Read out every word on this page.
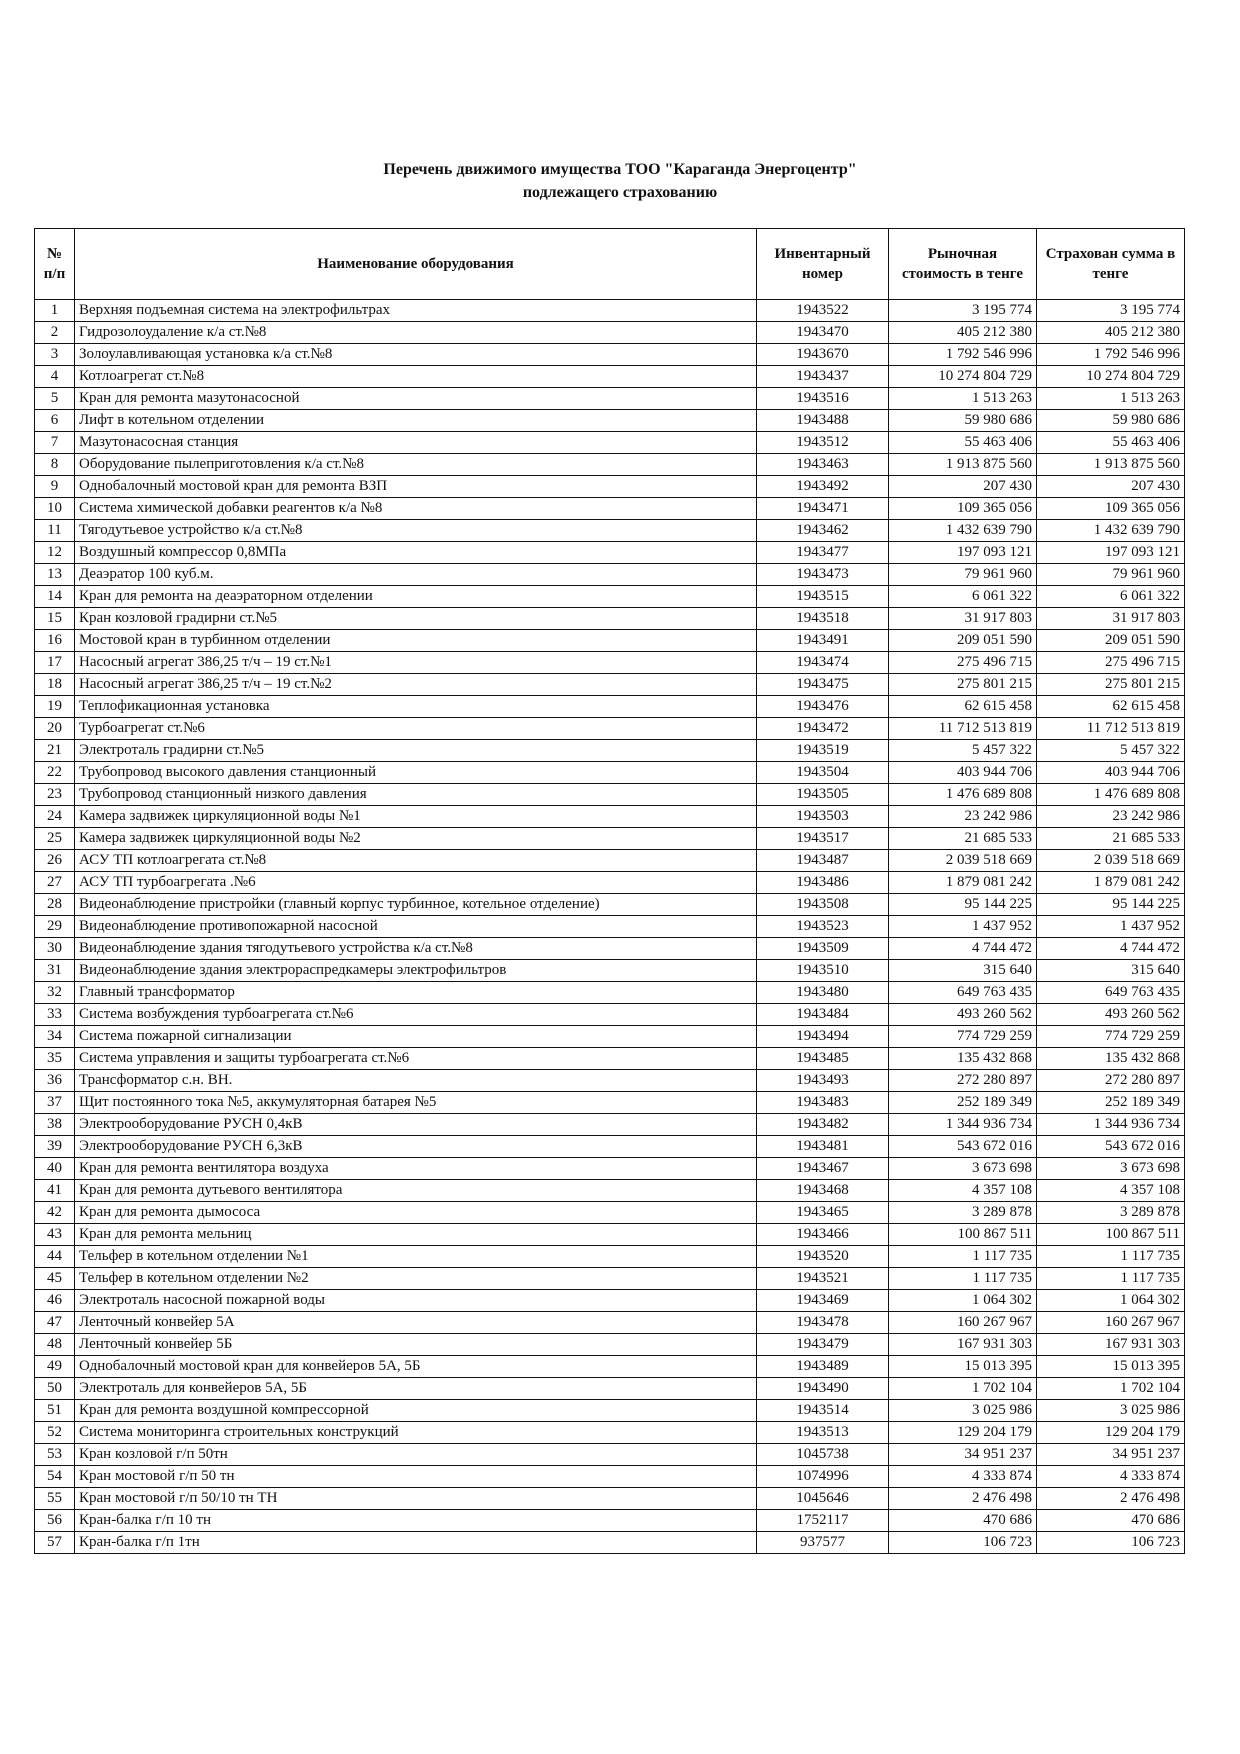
Перечень движимого имущества ТОО "Караганда Энергоцентр"
подлежащего страхованию
№ п/п	Наименование оборудования	Инвентарный номер	Рыночная стоимость в тенге	Страхован сумма в тенге
1	Верхняя подъемная система на электрофильтрах	1943522	3 195 774	3 195 774
2	Гидрозолоудаление к/а ст.№8	1943470	405 212 380	405 212 380
3	Золоулавливающая установка к/а ст.№8	1943670	1 792 546 996	1 792 546 996
4	Котлоагрегат ст.№8	1943437	10 274 804 729	10 274 804 729
5	Кран для ремонта мазутонасосной	1943516	1 513 263	1 513 263
6	Лифт в котельном отделении	1943488	59 980 686	59 980 686
7	Мазутонасосная станция	1943512	55 463 406	55 463 406
8	Оборудование пылеприготовления к/а ст.№8	1943463	1 913 875 560	1 913 875 560
9	Однобалочный мостовой кран для ремонта ВЗП	1943492	207 430	207 430
10	Система химической добавки реагентов к/а №8	1943471	109 365 056	109 365 056
11	Тягодутьевое устройство к/а ст.№8	1943462	1 432 639 790	1 432 639 790
12	Воздушный компрессор 0,8МПа	1943477	197 093 121	197 093 121
13	Деаэратор 100 куб.м.	1943473	79 961 960	79 961 960
14	Кран для ремонта на деаэраторном отделении	1943515	6 061 322	6 061 322
15	Кран козловой градирни ст.№5	1943518	31 917 803	31 917 803
16	Мостовой кран в турбинном отделении	1943491	209 051 590	209 051 590
17	Насосный агрегат 386,25 т/ч – 19 ст.№1	1943474	275 496 715	275 496 715
18	Насосный агрегат 386,25 т/ч – 19 ст.№2	1943475	275 801 215	275 801 215
19	Теплофикационная установка	1943476	62 615 458	62 615 458
20	Турбоагрегат ст.№6	1943472	11 712 513 819	11 712 513 819
21	Электроталь градирни ст.№5	1943519	5 457 322	5 457 322
22	Трубопровод высокого давления станционный	1943504	403 944 706	403 944 706
23	Трубопровод станционный низкого давления	1943505	1 476 689 808	1 476 689 808
24	Камера задвижек циркуляционной воды №1	1943503	23 242 986	23 242 986
25	Камера задвижек циркуляционной воды №2	1943517	21 685 533	21 685 533
26	АСУ ТП котлоагрегата ст.№8	1943487	2 039 518 669	2 039 518 669
27	АСУ ТП турбоагрегата .№6	1943486	1 879 081 242	1 879 081 242
28	Видеонаблюдение пристройки (главный корпус турбинное, котельное отделение)	1943508	95 144 225	95 144 225
29	Видеонаблюдение противопожарной насосной	1943523	1 437 952	1 437 952
30	Видеонаблюдение здания тягодутьевого устройства к/а ст.№8	1943509	4 744 472	4 744 472
31	Видеонаблюдение здания электрораспредкамеры электрофильтров	1943510	315 640	315 640
32	Главный трансформатор	1943480	649 763 435	649 763 435
33	Система возбуждения турбоагрегата ст.№6	1943484	493 260 562	493 260 562
34	Система пожарной сигнализации	1943494	774 729 259	774 729 259
35	Система управления и защиты турбоагрегата ст.№6	1943485	135 432 868	135 432 868
36	Трансформатор с.н. ВН.	1943493	272 280 897	272 280 897
37	Щит постоянного тока №5, аккумуляторная батарея №5	1943483	252 189 349	252 189 349
38	Электрооборудование РУСН 0,4кВ	1943482	1 344 936 734	1 344 936 734
39	Электрооборудование РУСН 6,3кВ	1943481	543 672 016	543 672 016
40	Кран для ремонта вентилятора воздуха	1943467	3 673 698	3 673 698
41	Кран для ремонта дутьевого вентилятора	1943468	4 357 108	4 357 108
42	Кран для ремонта дымососа	1943465	3 289 878	3 289 878
43	Кран для ремонта мельниц	1943466	100 867 511	100 867 511
44	Тельфер в котельном отделении №1	1943520	1 117 735	1 117 735
45	Тельфер в котельном отделении №2	1943521	1 117 735	1 117 735
46	Электроталь насосной пожарной воды	1943469	1 064 302	1 064 302
47	Ленточный конвейер 5А	1943478	160 267 967	160 267 967
48	Ленточный конвейер 5Б	1943479	167 931 303	167 931 303
49	Однобалочный мостовой кран для конвейеров 5А, 5Б	1943489	15 013 395	15 013 395
50	Электроталь для конвейеров 5А, 5Б	1943490	1 702 104	1 702 104
51	Кран для ремонта воздушной компрессорной	1943514	3 025 986	3 025 986
52	Система мониторинга строительных конструкций	1943513	129 204 179	129 204 179
53	Кран козловой г/п 50тн	1045738	34 951 237	34 951 237
54	Кран мостовой г/п 50 тн	1074996	4 333 874	4 333 874
55	Кран мостовой г/п 50/10 тн ТН	1045646	2 476 498	2 476 498
56	Кран-балка г/п 10 тн	1752117	470 686	470 686
57	Кран-балка г/п 1тн	937577	106 723	106 723
